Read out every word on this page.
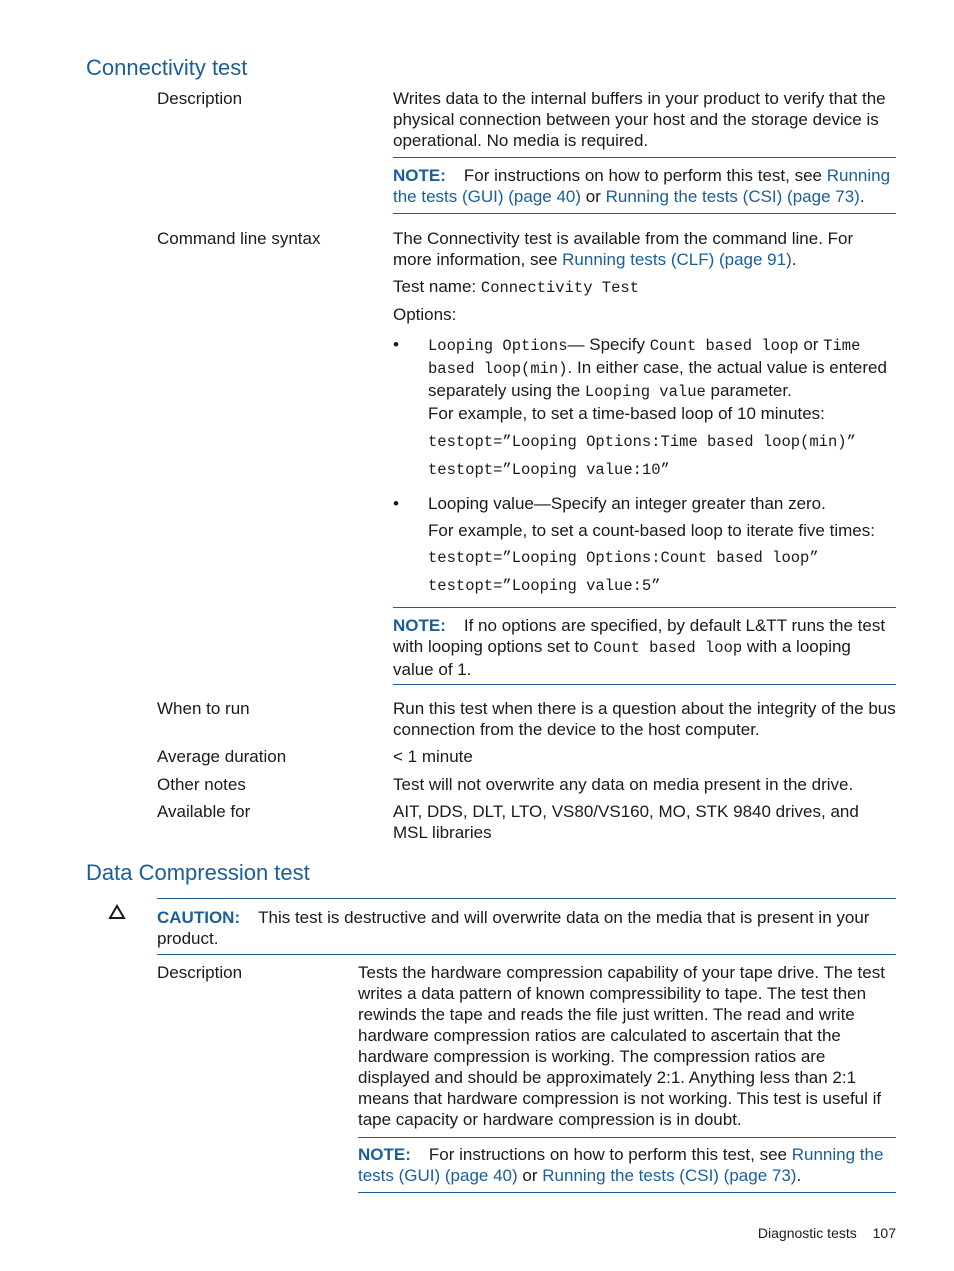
Connectivity test
Description	Writes data to the internal buffers in your product to verify that the physical connection between your host and the storage device is operational. No media is required.
NOTE: For instructions on how to perform this test, see Running the tests (GUI) (page 40) or Running the tests (CSI) (page 73).
Command line syntax	The Connectivity test is available from the command line. For more information, see Running tests (CLF) (page 91).
Test name: Connectivity Test
Options:
• Looping Options— Specify Count based loop or Time based loop(min). In either case, the actual value is entered separately using the Looping value parameter.
For example, to set a time-based loop of 10 minutes:
testopt=”Looping Options:Time based loop(min)”
testopt=”Looping value:10”
• Looping value—Specify an integer greater than zero.
For example, to set a count-based loop to iterate five times:
testopt=”Looping Options:Count based loop”
testopt=”Looping value:5”
NOTE: If no options are specified, by default L&TT runs the test with looping options set to Count based loop with a looping value of 1.
When to run	Run this test when there is a question about the integrity of the bus connection from the device to the host computer.
Average duration	< 1 minute
Other notes	Test will not overwrite any data on media present in the drive.
Available for	AIT, DDS, DLT, LTO, VS80/VS160, MO, STK 9840 drives, and MSL libraries
Data Compression test
CAUTION: This test is destructive and will overwrite data on the media that is present in your product.
Description	Tests the hardware compression capability of your tape drive. The test writes a data pattern of known compressibility to tape. The test then rewinds the tape and reads the file just written. The read and write hardware compression ratios are calculated to ascertain that the hardware compression is working. The compression ratios are displayed and should be approximately 2:1. Anything less than 2:1 means that hardware compression is not working. This test is useful if tape capacity or hardware compression is in doubt.
NOTE: For instructions on how to perform this test, see Running the tests (GUI) (page 40) or Running the tests (CSI) (page 73).
Diagnostic tests 107
